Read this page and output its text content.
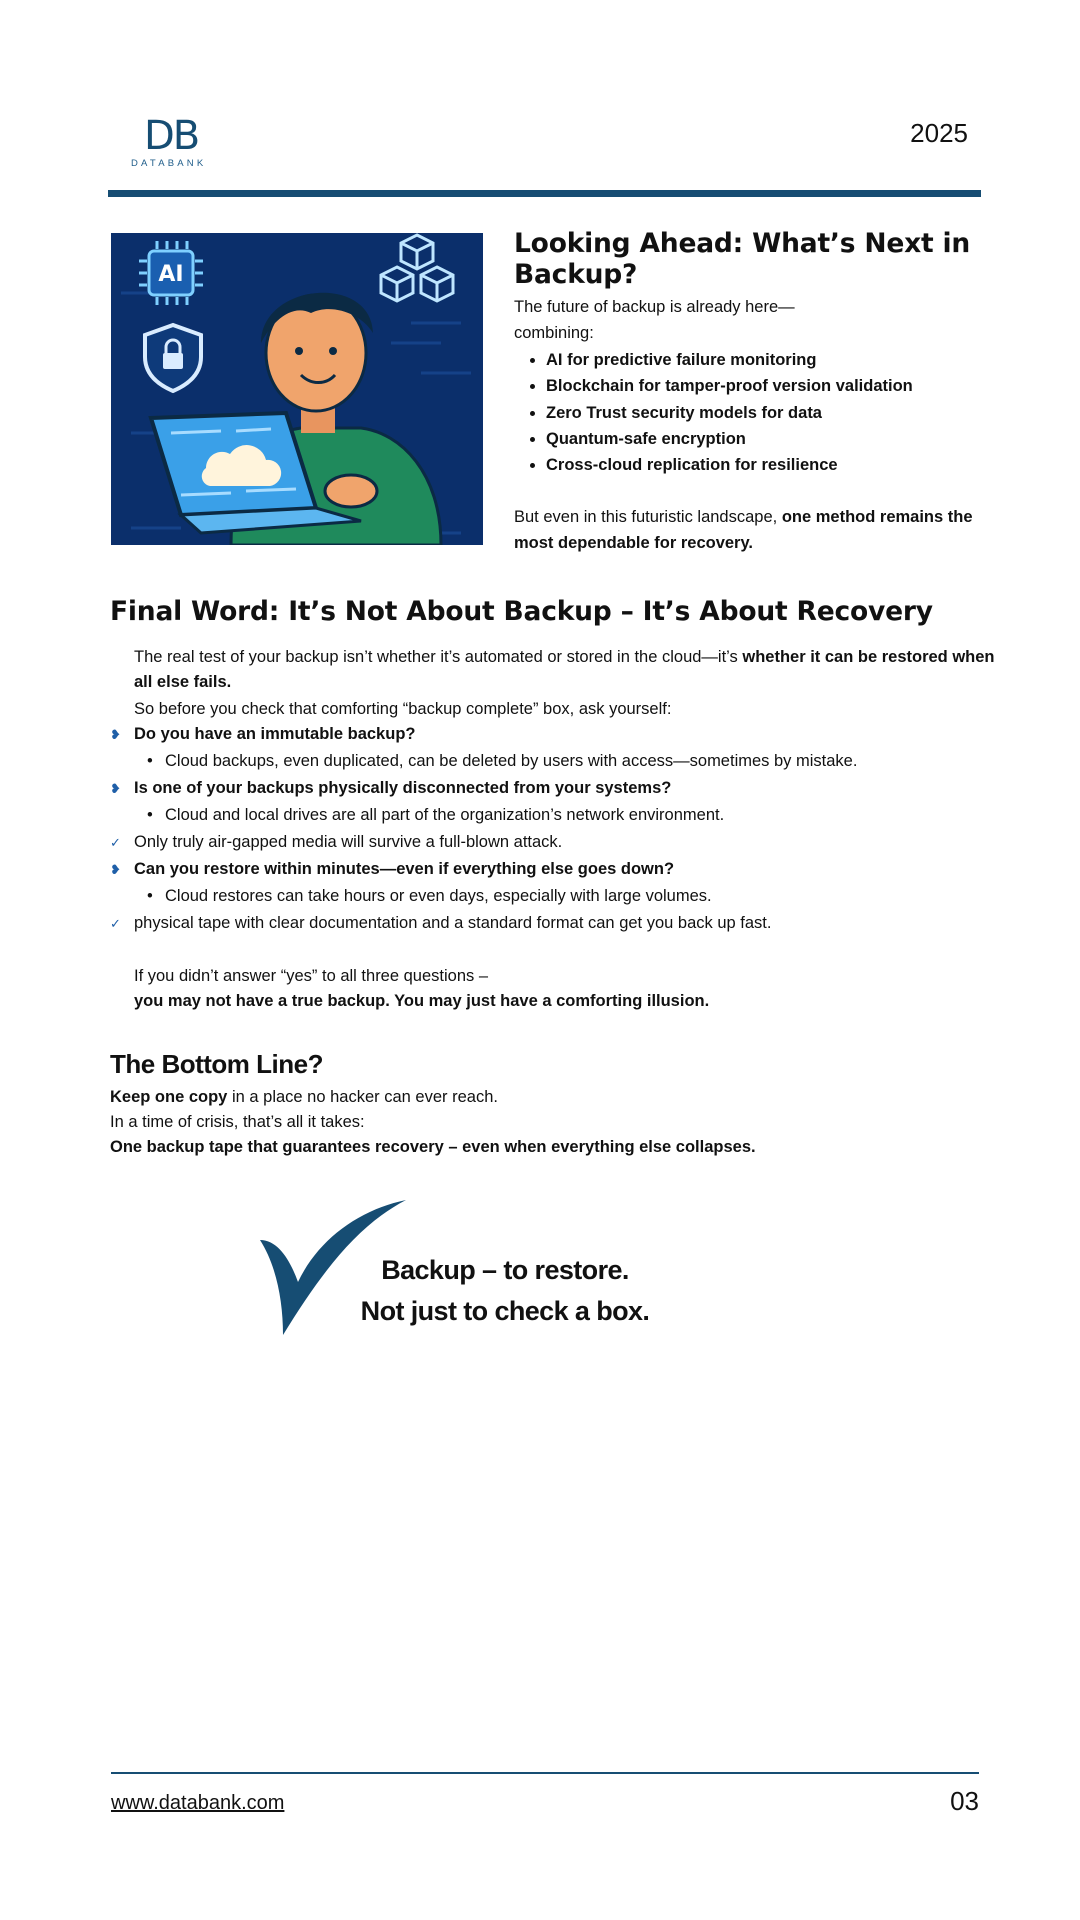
DB
DATABANK
2025
AI
Looking Ahead: What’s Next in Backup?
The future of backup is already here—combining:
• AI for predictive failure monitoring
• Blockchain for tamper-proof version validation
• Zero Trust security models for data
• Quantum-safe encryption
• Cross-cloud replication for resilience
But even in this futuristic landscape, one method remains the most dependable for recovery.
Final Word: It’s Not About Backup – It’s About Recovery
The real test of your backup isn’t whether it’s automated or stored in the cloud—it’s whether it can be restored when all else fails.
So before you check that comforting “backup complete” box, ask yourself:
❥ Do you have an immutable backup?
• Cloud backups, even duplicated, can be deleted by users with access—sometimes by mistake.
❥ Is one of your backups physically disconnected from your systems?
• Cloud and local drives are all part of the organization’s network environment.
✓ Only truly air-gapped media will survive a full-blown attack.
❥ Can you restore within minutes—even if everything else goes down?
• Cloud restores can take hours or even days, especially with large volumes.
✓ physical tape with clear documentation and a standard format can get you back up fast.
If you didn’t answer “yes” to all three questions –
you may not have a true backup. You may just have a comforting illusion.
The Bottom Line?
Keep one copy in a place no hacker can ever reach.
In a time of crisis, that’s all it takes:
One backup tape that guarantees recovery – even when everything else collapses.
Backup – to restore.
Not just to check a box.
www.databank.com	03
